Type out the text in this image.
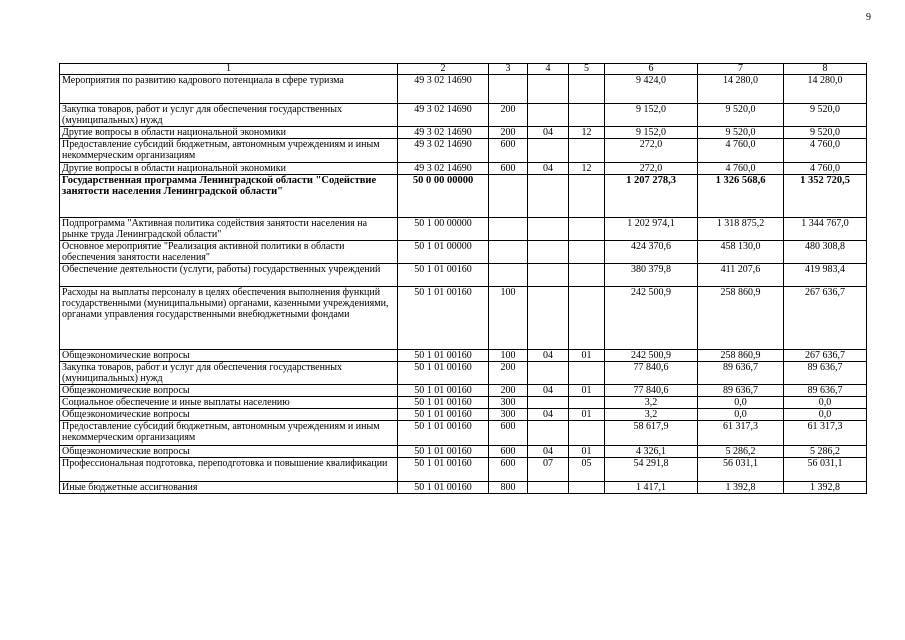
9
1	2	3	4	5	6	7	8
Мероприятия по развитию кадрового потенциала в сфере туризма	49 3 02 14690				9 424,0	14 280,0	14 280,0
Закупка товаров, работ и услуг для обеспечения государственных (муниципальных) нужд	49 3 02 14690	200			9 152,0	9 520,0	9 520,0
Другие вопросы в области национальной экономики	49 3 02 14690	200	04	12	9 152,0	9 520,0	9 520,0
Предоставление субсидий бюджетным, автономным учреждениям и иным некоммерческим организациям	49 3 02 14690	600			272,0	4 760,0	4 760,0
Другие вопросы в области национальной экономики	49 3 02 14690	600	04	12	272,0	4 760,0	4 760,0
Государственная программа Ленинградской области "Содействие занятости населения Ленинградской области"	50 0 00 00000				1 207 278,3	1 326 568,6	1 352 720,5
Подпрограмма "Активная политика содействия занятости населения на рынке труда Ленинградской области"	50 1 00 00000				1 202 974,1	1 318 875,2	1 344 767,0
Основное мероприятие "Реализация активной политики в области обеспечения занятости населения"	50 1 01 00000				424 370,6	458 130,0	480 308,8
Обеспечение деятельности (услуги, работы) государственных учреждений	50 1 01 00160				380 379,8	411 207,6	419 983,4
Расходы на выплаты персоналу в целях обеспечения выполнения функций государственными (муниципальными) органами, казенными учреждениями, органами управления государственными внебюджетными фондами	50 1 01 00160	100			242 500,9	258 860,9	267 636,7
Общеэкономические вопросы	50 1 01 00160	100	04	01	242 500,9	258 860,9	267 636,7
Закупка товаров, работ и услуг для обеспечения государственных (муниципальных) нужд	50 1 01 00160	200			77 840,6	89 636,7	89 636,7
Общеэкономические вопросы	50 1 01 00160	200	04	01	77 840,6	89 636,7	89 636,7
Социальное обеспечение и иные выплаты населению	50 1 01 00160	300			3,2	0,0	0,0
Общеэкономические вопросы	50 1 01 00160	300	04	01	3,2	0,0	0,0
Предоставление субсидий бюджетным, автономным учреждениям и иным некоммерческим организациям	50 1 01 00160	600			58 617,9	61 317,3	61 317,3
Общеэкономические вопросы	50 1 01 00160	600	04	01	4 326,1	5 286,2	5 286,2
Профессиональная подготовка, переподготовка и повышение квалификации	50 1 01 00160	600	07	05	54 291,8	56 031,1	56 031,1
Иные бюджетные ассигнования	50 1 01 00160	800			1 417,1	1 392,8	1 392,8
